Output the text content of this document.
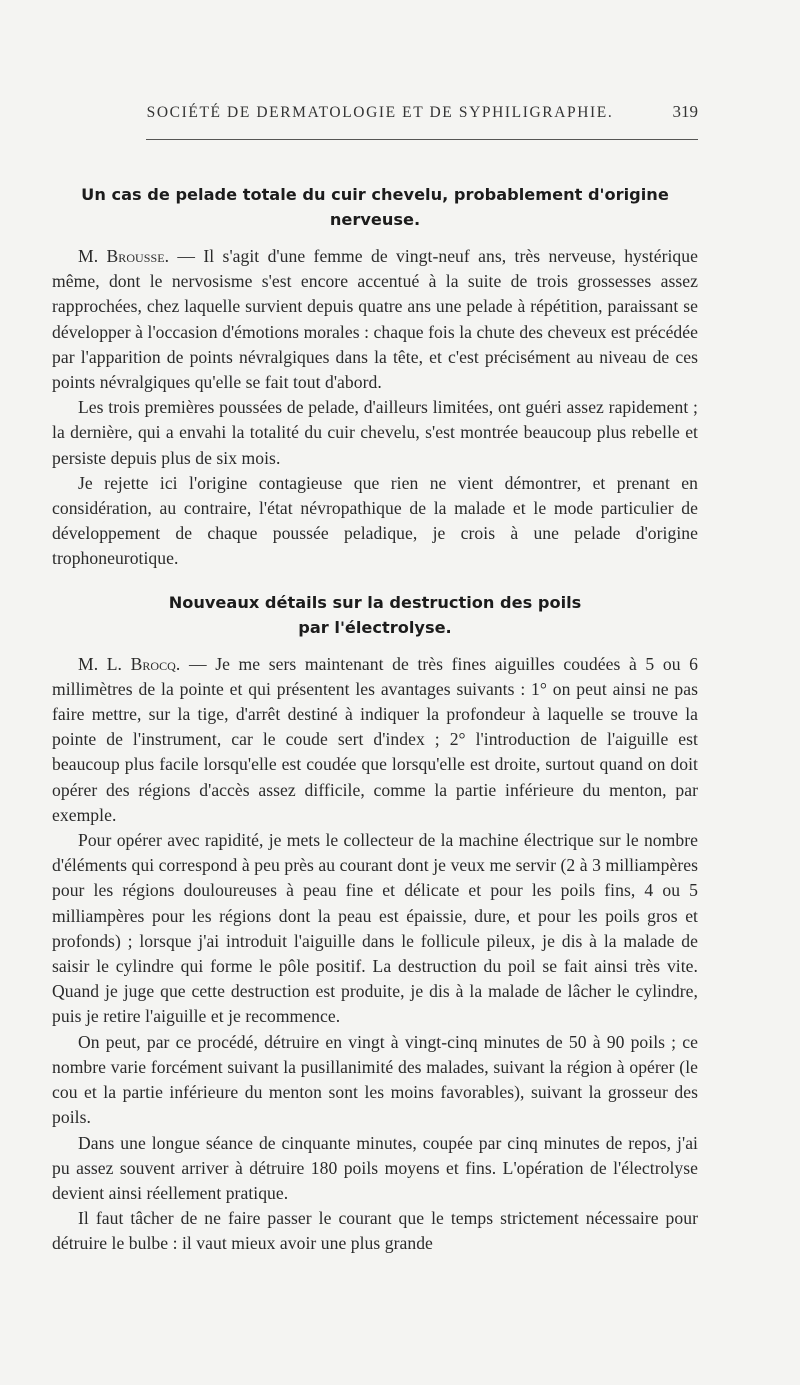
SOCIÉTÉ DE DERMATOLOGIE ET DE SYPHILIGRAPHIE.	319
Un cas de pelade totale du cuir chevelu, probablement d'origine
nerveuse.

M. Brousse. — Il s'agit d'une femme de vingt-neuf ans, très nerveuse, hystérique même, dont le nervosisme s'est encore accentué à la suite de trois grossesses assez rapprochées, chez laquelle survient depuis quatre ans une pelade à répétition, paraissant se développer à l'occasion d'émotions morales : chaque fois la chute des cheveux est précédée par l'apparition de points névralgiques dans la tête, et c'est précisément au niveau de ces points névralgiques qu'elle se fait tout d'abord.

Les trois premières poussées de pelade, d'ailleurs limitées, ont guéri assez rapidement ; la dernière, qui a envahi la totalité du cuir chevelu, s'est montrée beaucoup plus rebelle et persiste depuis plus de six mois.

Je rejette ici l'origine contagieuse que rien ne vient démontrer, et prenant en considération, au contraire, l'état névropathique de la malade et le mode particulier de développement de chaque poussée peladique, je crois à une pelade d'origine trophoneurotique.

Nouveaux détails sur la destruction des poils
par l'électrolyse.

M. L. Brocq. — Je me sers maintenant de très fines aiguilles coudées à 5 ou 6 millimètres de la pointe et qui présentent les avantages suivants : 1° on peut ainsi ne pas faire mettre, sur la tige, d'arrêt destiné à indiquer la profondeur à laquelle se trouve la pointe de l'instrument, car le coude sert d'index ; 2° l'introduction de l'aiguille est beaucoup plus facile lorsqu'elle est coudée que lorsqu'elle est droite, surtout quand on doit opérer des régions d'accès assez difficile, comme la partie inférieure du menton, par exemple.

Pour opérer avec rapidité, je mets le collecteur de la machine électrique sur le nombre d'éléments qui correspond à peu près au courant dont je veux me servir (2 à 3 milliampères pour les régions douloureuses à peau fine et délicate et pour les poils fins, 4 ou 5 milliampères pour les régions dont la peau est épaissie, dure, et pour les poils gros et profonds) ; lorsque j'ai introduit l'aiguille dans le follicule pileux, je dis à la malade de saisir le cylindre qui forme le pôle positif. La destruction du poil se fait ainsi très vite. Quand je juge que cette destruction est produite, je dis à la malade de lâcher le cylindre, puis je retire l'aiguille et je recommence.

On peut, par ce procédé, détruire en vingt à vingt-cinq minutes de 50 à 90 poils ; ce nombre varie forcément suivant la pusillanimité des malades, suivant la région à opérer (le cou et la partie inférieure du menton sont les moins favorables), suivant la grosseur des poils.

Dans une longue séance de cinquante minutes, coupée par cinq minutes de repos, j'ai pu assez souvent arriver à détruire 180 poils moyens et fins. L'opération de l'électrolyse devient ainsi réellement pratique.

Il faut tâcher de ne faire passer le courant que le temps strictement nécessaire pour détruire le bulbe : il vaut mieux avoir une plus grande
